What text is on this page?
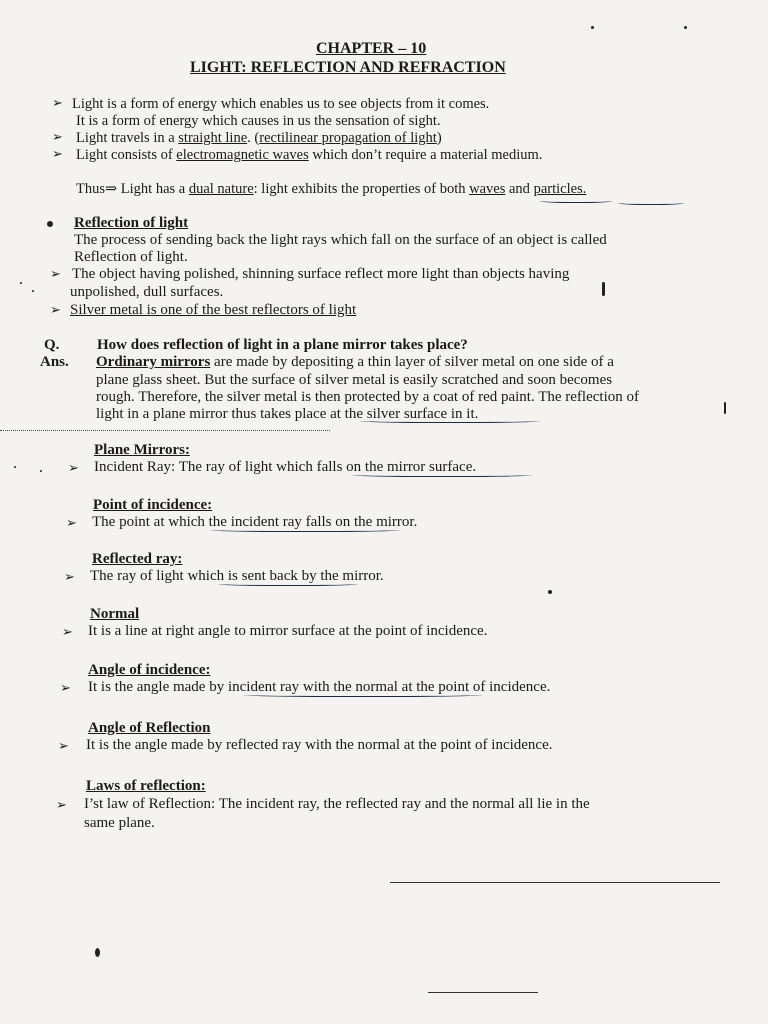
CHAPTER – 10
LIGHT: REFLECTION AND REFRACTION
➢ Light is a form of energy which enables us to see objects from it comes.
It is a form of energy which causes in us the sensation of sight.
➢ Light travels in a straight line. (rectilinear propagation of light)
➢ Light consists of electromagnetic waves which don’t require a material medium.
Thus⇒ Light has a dual nature: light exhibits the properties of both waves and particles.
Reflection of light
The process of sending back the light rays which fall on the surface of an object is called
Reflection of light.
➢ The object having polished, shinning surface reflect more light than objects having
unpolished, dull surfaces.
➢ Silver metal is one of the best reflectors of light
Q.	How does reflection of light in a plane mirror takes place?
Ans. Ordinary mirrors are made by depositing a thin layer of silver metal on one side of a
plane glass sheet. But the surface of silver metal is easily scratched and soon becomes
rough. Therefore, the silver metal is then protected by a coat of red paint. The reflection of
light in a plane mirror thus takes place at the silver surface in it.
Plane Mirrors:
➢ Incident Ray: The ray of light which falls on the mirror surface.
Point of incidence:
➢ The point at which the incident ray falls on the mirror.
Reflected ray:
➢ The ray of light which is sent back by the mirror.
Normal
➢ It is a line at right angle to mirror surface at the point of incidence.
Angle of incidence:
➢ It is the angle made by incident ray with the normal at the point of incidence.
Angle of Reflection
➢ It is the angle made by reflected ray with the normal at the point of incidence.
Laws of reflection:
➢ I’st law of Reflection: The incident ray, the reflected ray and the normal all lie in the
same plane.
